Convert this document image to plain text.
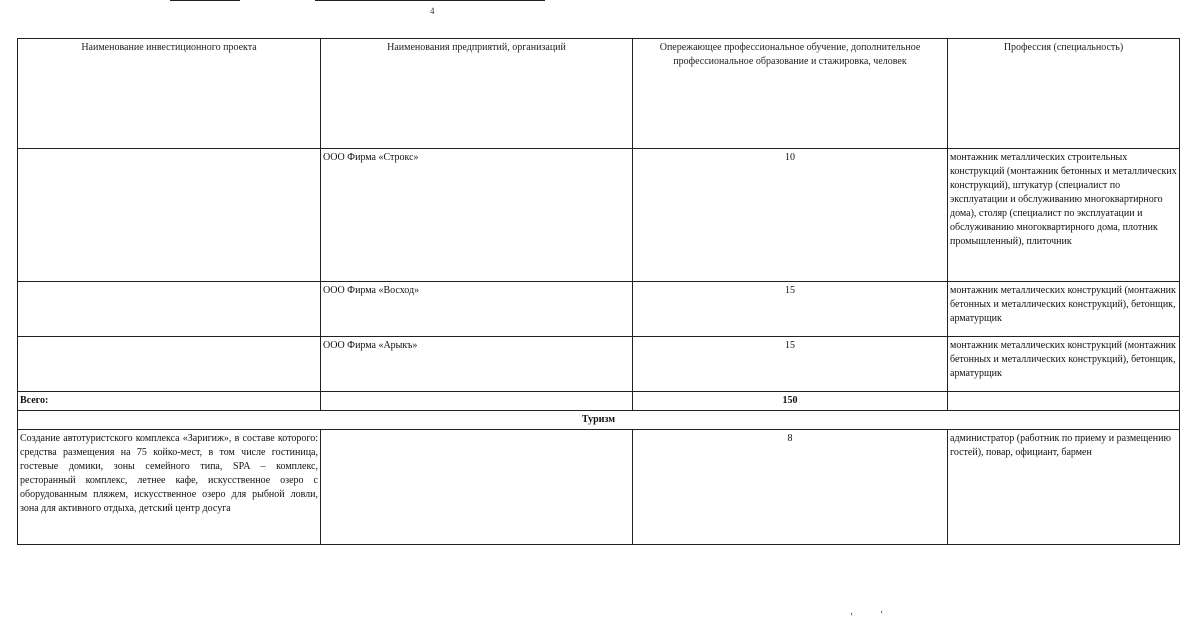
4
Наименование инвестиционного проекта	Наименования предприятий, организаций	Опережающее профессиональное обучение, дополнительное профессиональное образование и стажировка, человек	Профессия (специальность)
	ООО Фирма «Строкс»	10	монтажник металлических строительных конструкций (монтажник бетонных и металлических конструкций), штукатур (специалист по эксплуатации и обслуживанию многоквартирного дома), столяр (специалист по эксплуатации и обслуживанию многоквартирного дома, плотник промышленный), плиточник
	ООО Фирма «Восход»	15	монтажник металлических конструкций (монтажник бетонных и металлических конструкций), бетонщик, арматурщик
	ООО Фирма «Арыкъ»	15	монтажник металлических конструкций (монтажник бетонных и металлических конструкций), бетонщик, арматурщик
Всего:		150	
Туризм			
Создание автотуристского комплекса «Заригиж», в составе которого: средства размещения на 75 койко-мест, в том числе гостиница, гостевые домики, зоны семейного типа, SPA – комплекс, ресторанный комплекс, летнее кафе, искусственное озеро с оборудованным пляжем, искусственное озеро для рыбной ловли, зона для активного отдыха, детский центр досуга		8	администратор (работник по приему и размещению гостей), повар, официант, бармен
‛	‛
